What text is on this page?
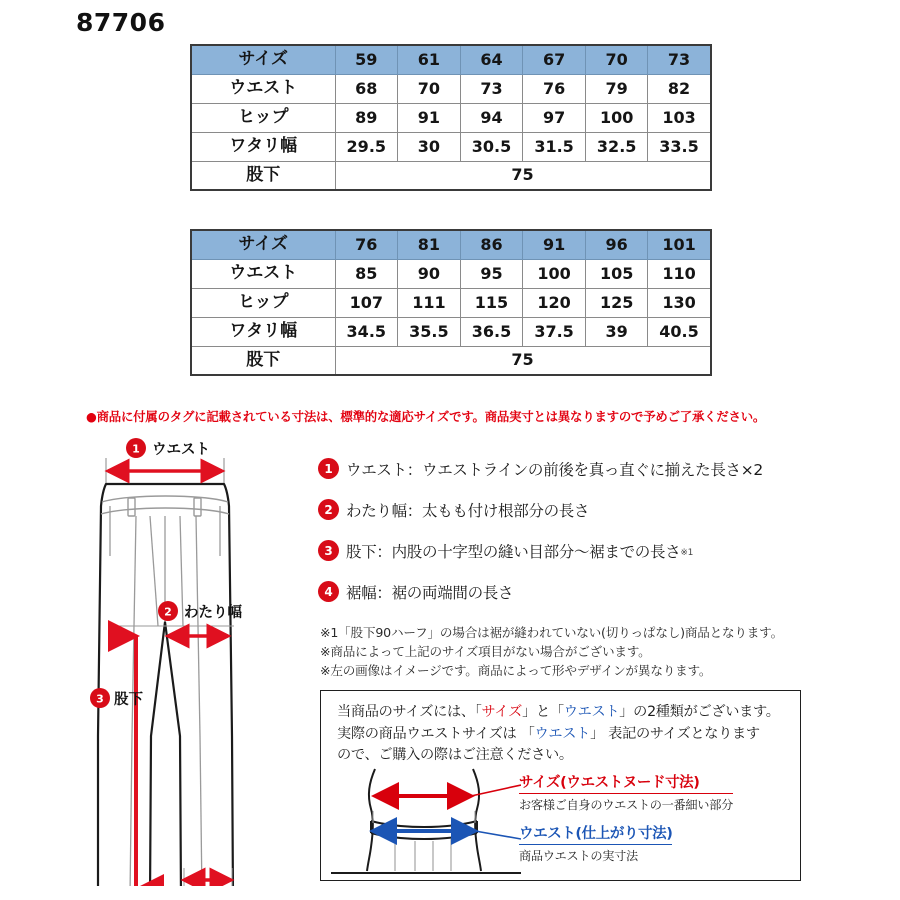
87706
サイズ	59	61	64	67	70	73
ウエスト	68	70	73	76	79	82
ヒップ	89	91	94	97	100	103
ワタリ幅	29.5	30	30.5	31.5	32.5	33.5
股下	75					
サイズ	76	81	86	91	96	101
ウエスト	85	90	95	100	105	110
ヒップ	107	111	115	120	125	130
ワタリ幅	34.5	35.5	36.5	37.5	39	40.5
股下	75					
●商品に付属のタグに記載されている寸法は、標準的な適応サイズです。商品実寸とは異なりますので予めご了承ください。
1 ウエスト
2 わたり幅
3 股下
1 ウエスト：ウエストラインの前後を真っ直ぐに揃えた長さ×2
2 わたり幅：太もも付け根部分の長さ
3 股下：内股の十字型の縫い目部分〜裾までの長さ$^{※1}$
4 裾幅：裾の両端間の長さ
※1「股下90ハーフ」の場合は裾が縫われていない(切りっぱなし)商品となります。
※商品によって上記のサイズ項目がない場合がございます。
※左の画像はイメージです。商品によって形やデザインが異なります。
当商品のサイズには、「サイズ」と「ウエスト」の2種類がございます。
実際の商品ウエストサイズは 「ウエスト」 表記のサイズとなります
ので、ご購入の際はご注意ください。
サイズ(ウエストヌード寸法)
お客様ご自身のウエストの一番細い部分
ウエスト(仕上がり寸法)
商品ウエストの実寸法
